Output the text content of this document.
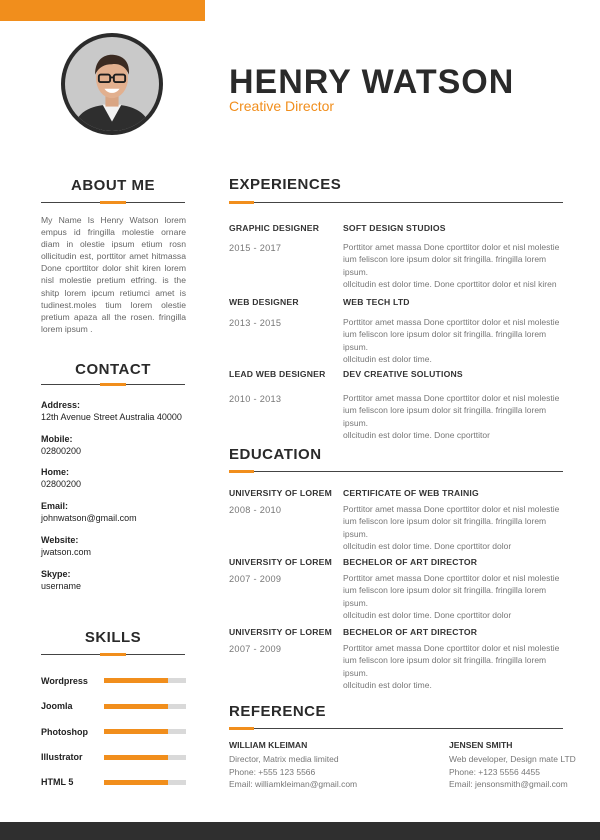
HENRY WATSON
Creative Director
ABOUT ME
My Name Is Henry Watson lorem empus id fringilla molestie ornare diam in olestie ipsum etium rosn ollicitudin est, porttitor amet hitmassa Done cporttitor dolor shit kiren lorem nisl molestie pretium etfring. is the shitp lorem ipcum retiumci amet is tudinest.moles tium lorem olestie pretium apaza all the rosen. fringilla lorem ipsum .
CONTACT
Address:
12th Avenue Street Australia 40000
Mobile:
02800200
Home:
02800200
Email:
johnwatson@gmail.com
Website:
jwatson.com
Skype:
username
SKILLS
Wordpress
Joomla
Photoshop
Illustrator
HTML 5
EXPERIENCES
GRAPHIC DESIGNER
2015 - 2017
SOFT DESIGN STUDIOS
Porttitor amet massa Done cporttitor dolor et nisl molestie
ium feliscon lore ipsum dolor sit fringilla. fringilla lorem ipsum.
ollcitudin est dolor time. Done cporttitor dolor et nisl kiren
WEB DESIGNER
2013 - 2015
WEB TECH LTD
Porttitor amet massa Done cporttitor dolor et nisl molestie
ium feliscon lore ipsum dolor sit fringilla. fringilla lorem ipsum.
ollcitudin est dolor time.
LEAD WEB DESIGNER
2010 - 2013
DEV CREATIVE SOLUTIONS
Porttitor amet massa Done cporttitor dolor et nisl molestie
ium feliscon lore ipsum dolor sit fringilla. fringilla lorem ipsum.
ollcitudin est dolor time. Done cporttitor
EDUCATION
UNIVERSITY OF LOREM
2008 - 2010
CERTIFICATE OF WEB TRAINIG
Porttitor amet massa Done cporttitor dolor et nisl molestie
ium feliscon lore ipsum dolor sit fringilla. fringilla lorem ipsum.
ollcitudin est dolor time. Done cporttitor dolor
UNIVERSITY OF LOREM
2007 - 2009
BECHELOR OF ART DIRECTOR
Porttitor amet massa Done cporttitor dolor et nisl molestie
ium feliscon lore ipsum dolor sit fringilla. fringilla lorem ipsum.
ollcitudin est dolor time. Done cporttitor dolor
UNIVERSITY OF LOREM
2007 - 2009
BECHELOR OF ART DIRECTOR
Porttitor amet massa Done cporttitor dolor et nisl molestie
ium feliscon lore ipsum dolor sit fringilla. fringilla lorem ipsum.
ollcitudin est dolor time.
REFERENCE
WILLIAM KLEIMAN
Director, Matrix media limited
Phone: +555 123 5566
Email: williamkleiman@gmail.com
JENSEN SMITH
Web developer, Design mate LTD
Phone: +123 5556 4455
Email: jensonsmith@gmail.com
